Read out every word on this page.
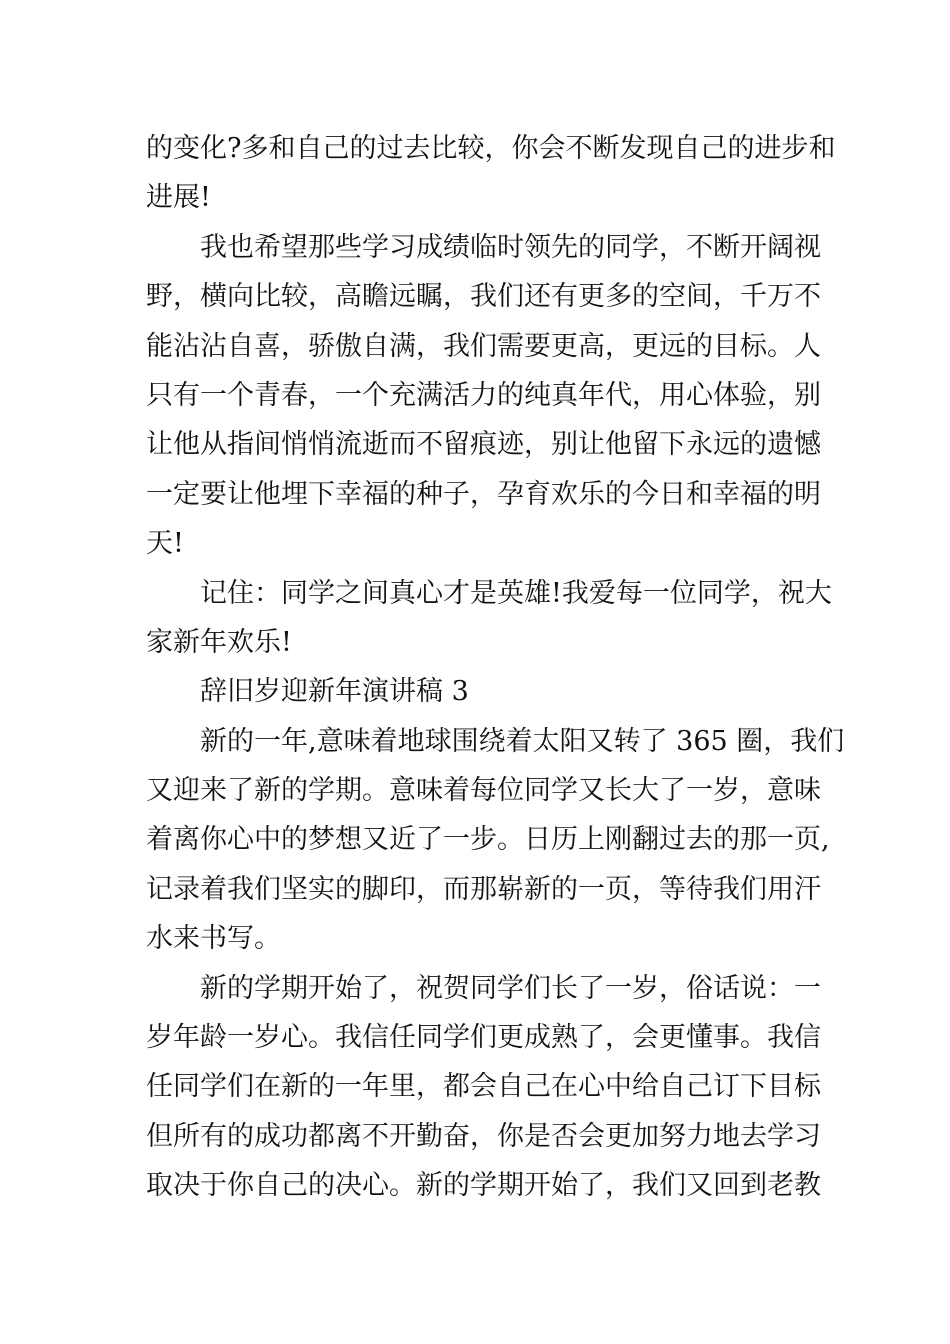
的变化?多和自己的过去比较，你会不断发现自己的进步和
进展!
我也希望那些学习成绩临时领先的同学，不断开阔视
野，横向比较，高瞻远瞩，我们还有更多的空间，千万不
能沾沾自喜，骄傲自满，我们需要更高，更远的目标。人
只有一个青春，一个充满活力的纯真年代，用心体验，别
让他从指间悄悄流逝而不留痕迹，别让他留下永远的遗憾
一定要让他埋下幸福的种子，孕育欢乐的今日和幸福的明
天!
记住：同学之间真心才是英雄!我爱每一位同学，祝大
家新年欢乐!
辞旧岁迎新年演讲稿 3
新的一年,意味着地球围绕着太阳又转了 365 圈，我们
又迎来了新的学期。意味着每位同学又长大了一岁，意味
着离你心中的梦想又近了一步。日历上刚翻过去的那一页,
记录着我们坚实的脚印，而那崭新的一页，等待我们用汗
水来书写。
新的学期开始了，祝贺同学们长了一岁，俗话说：一
岁年龄一岁心。我信任同学们更成熟了，会更懂事。我信
任同学们在新的一年里，都会自己在心中给自己订下目标
但所有的成功都离不开勤奋，你是否会更加努力地去学习
取决于你自己的决心。新的学期开始了，我们又回到老教
